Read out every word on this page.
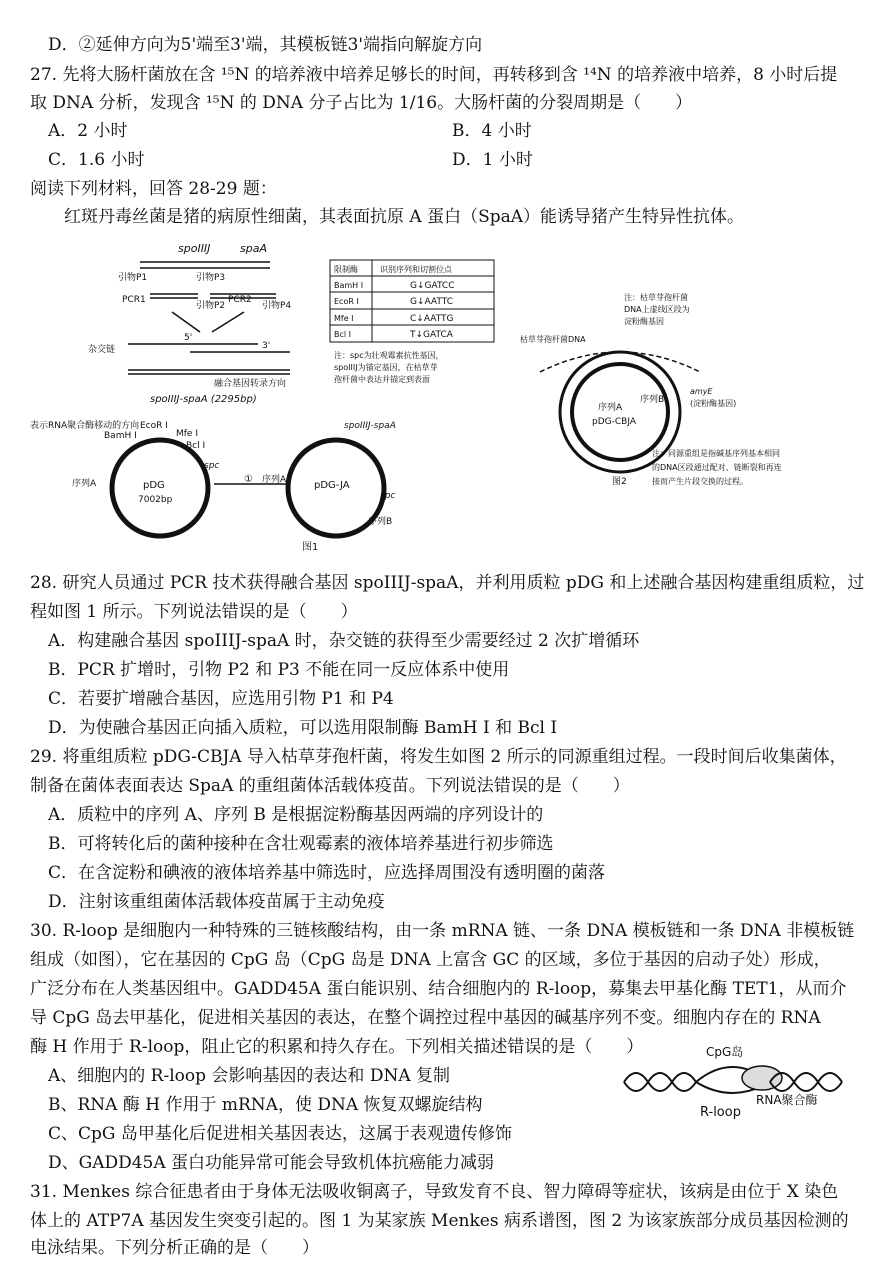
D．②延伸方向为5'端至3'端，其模板链3'端指向解旋方向
27. 先将大肠杆菌放在含 ¹⁵N 的培养液中培养足够长的时间，再转移到含 ¹⁴N 的培养液中培养，8 小时后提
取 DNA 分析，发现含 ¹⁵N 的 DNA 分子占比为 1/16。大肠杆菌的分裂周期是（　　）
A．2 小时	B．4 小时
C．1.6 小时	D．1 小时
阅读下列材料，回答 28-29 题：
红斑丹毒丝菌是猪的病原性细菌，其表面抗原 A 蛋白（SpaA）能诱导猪产生特异性抗体。
spoIIIJ	spaA
引物P1	引物P3
PCR1
引物P2
PCR2
引物P4
杂交链
5'
3'
融合基因转录方向
spoIIIJ-spaA (2295bp)
表示RNA聚合酶移动的方向
pDG
7002bp
EcoR I
BamH I	Mfe I
Bcl I
序列A
spc
①
pDG-JA
spoIIIJ-spaA
序列A
spc
序列B
图1
限制酶	识别序列和切割位点
BamH I	G↓GATCC
EcoR I	G↓AATTC
Mfe I	C↓AATTG
Bcl I	T↓GATCA
注：spc为壮观霉素抗性基因，
spoIIIJ为锚定基因，在枯草芽
孢杆菌中表达并锚定到表面
枯草芽孢杆菌DNA
注：枯草芽孢杆菌
DNA上虚线区段为
淀粉酶基因
序列A
pDG-CBJA
序列B
amyE
(淀粉酶基因)
注：同源重组是指碱基序列基本相同
的DNA区段通过配对、链断裂和再连
接而产生片段交换的过程。
图2
28. 研究人员通过 PCR 技术获得融合基因 spoIIIJ-spaA，并利用质粒 pDG 和上述融合基因构建重组质粒，过
程如图 1 所示。下列说法错误的是（　　）
A．构建融合基因 spoIIIJ-spaA 时，杂交链的获得至少需要经过 2 次扩增循环
B．PCR 扩增时，引物 P2 和 P3 不能在同一反应体系中使用
C．若要扩增融合基因，应选用引物 P1 和 P4
D．为使融合基因正向插入质粒，可以选用限制酶 BamH I 和 Bcl I
29. 将重组质粒 pDG-CBJA 导入枯草芽孢杆菌，将发生如图 2 所示的同源重组过程。一段时间后收集菌体，
制备在菌体表面表达 SpaA 的重组菌体活载体疫苗。下列说法错误的是（　　）
A．质粒中的序列 A、序列 B 是根据淀粉酶基因两端的序列设计的
B．可将转化后的菌种接种在含壮观霉素的液体培养基进行初步筛选
C．在含淀粉和碘液的液体培养基中筛选时，应选择周围没有透明圈的菌落
D．注射该重组菌体活载体疫苗属于主动免疫
30. R-loop 是细胞内一种特殊的三链核酸结构，由一条 mRNA 链、一条 DNA 模板链和一条 DNA 非模板链
组成（如图），它在基因的 CpG 岛（CpG 岛是 DNA 上富含 GC 的区域，多位于基因的启动子处）形成，
广泛分布在人类基因组中。GADD45A 蛋白能识别、结合细胞内的 R-loop，募集去甲基化酶 TET1，从而介
导 CpG 岛去甲基化，促进相关基因的表达，在整个调控过程中基因的碱基序列不变。细胞内存在的 RNA
酶 H 作用于 R-loop，阻止它的积累和持久存在。下列相关描述错误的是（　　）
A、细胞内的 R-loop 会影响基因的表达和 DNA 复制
B、RNA 酶 H 作用于 mRNA，使 DNA 恢复双螺旋结构
C、CpG 岛甲基化后促进相关基因表达，这属于表观遗传修饰
D、GADD45A 蛋白功能异常可能会导致机体抗癌能力减弱
CpG岛
R-loop
RNA聚合酶
31. Menkes 综合征患者由于身体无法吸收铜离子，导致发育不良、智力障碍等症状，该病是由位于 X 染色
体上的 ATP7A 基因发生突变引起的。图 1 为某家族 Menkes 病系谱图，图 2 为该家族部分成员基因检测的
电泳结果。下列分析正确的是（　　）
